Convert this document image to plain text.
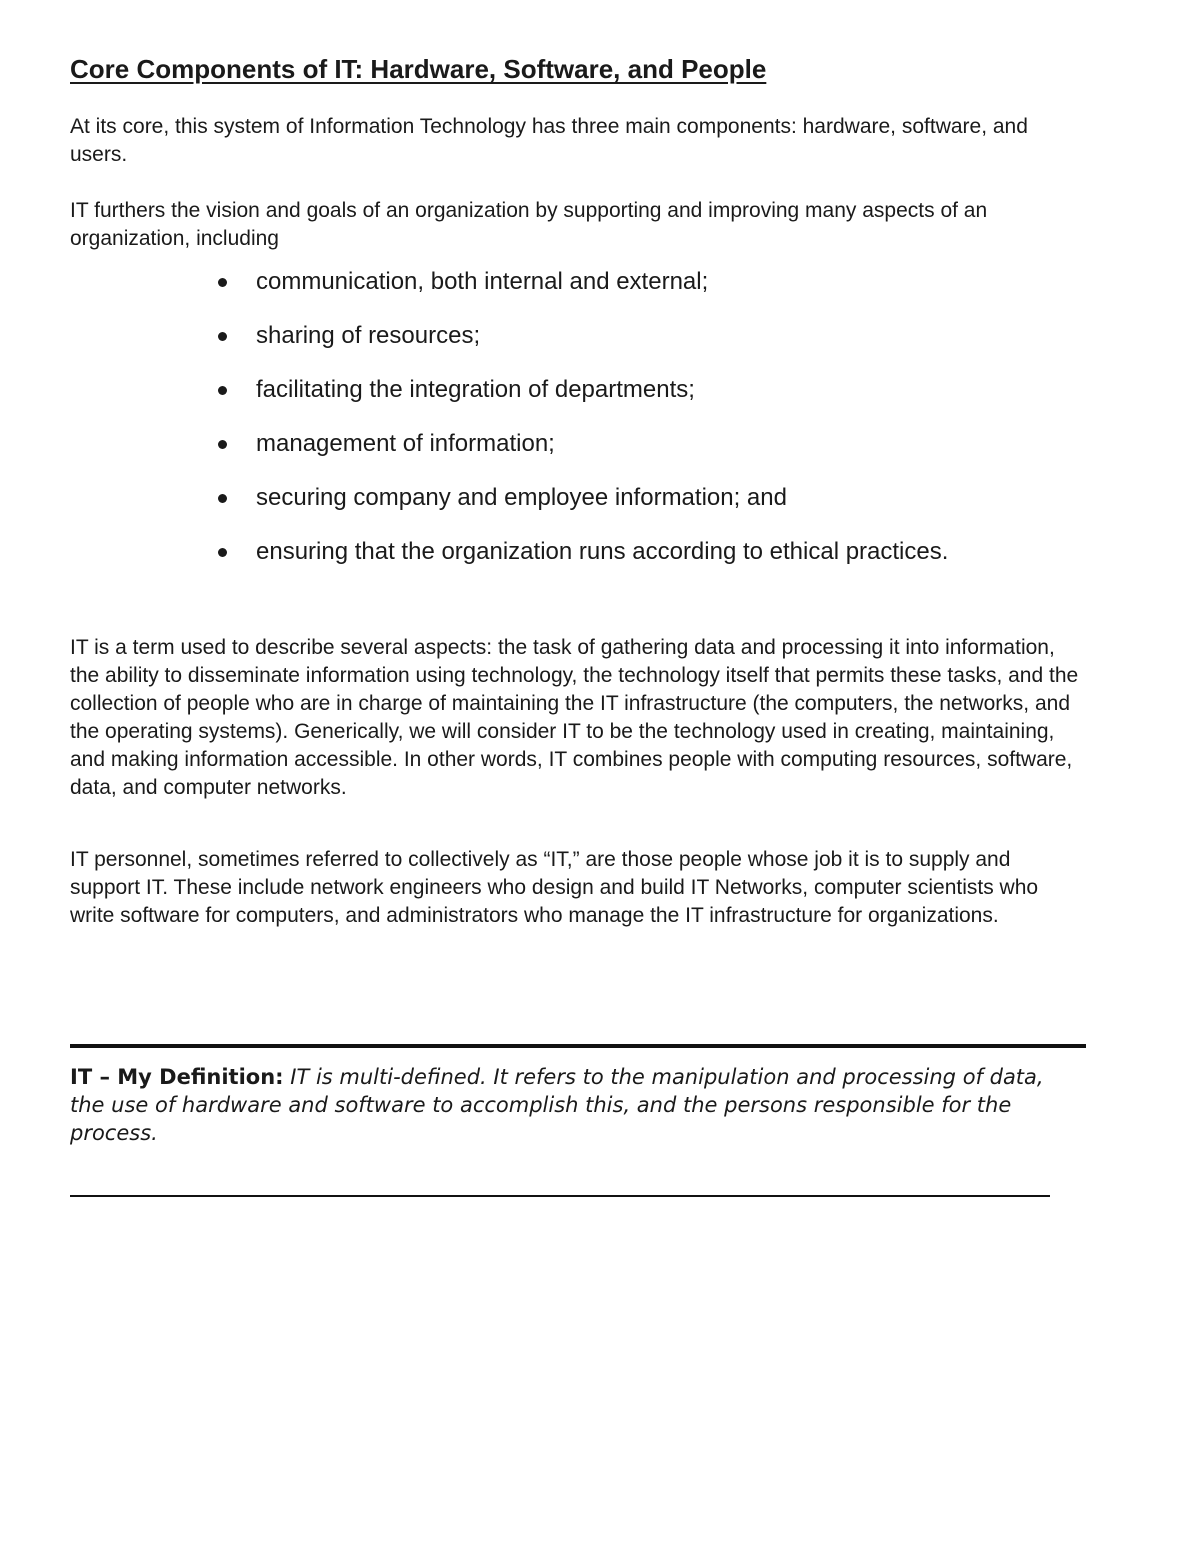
Core Components of IT: Hardware, Software, and People

At its core, this system of Information Technology has three main components: hardware, software, and users.

IT furthers the vision and goals of an organization by supporting and improving many aspects of an organization, including

communication, both internal and external;
sharing of resources;
facilitating the integration of departments;
management of information;
securing company and employee information; and
ensuring that the organization runs according to ethical practices.

IT is a term used to describe several aspects: the task of gathering data and processing it into information, the ability to disseminate information using technology, the technology itself that permits these tasks, and the collection of people who are in charge of maintaining the IT infrastructure (the computers, the networks, and the operating systems). Generically, we will consider IT to be the technology used in creating, maintaining, and making information accessible. In other words, IT combines people with computing resources, software, data, and computer networks.

IT personnel, sometimes referred to collectively as “IT,” are those people whose job it is to supply and support IT. These include network engineers who design and build IT Networks, computer scientists who write software for computers, and administrators who manage the IT infrastructure for organizations.

IT – My Definition: IT is multi-defined. It refers to the manipulation and processing of data, the use of hardware and software to accomplish this, and the persons responsible for the process.
